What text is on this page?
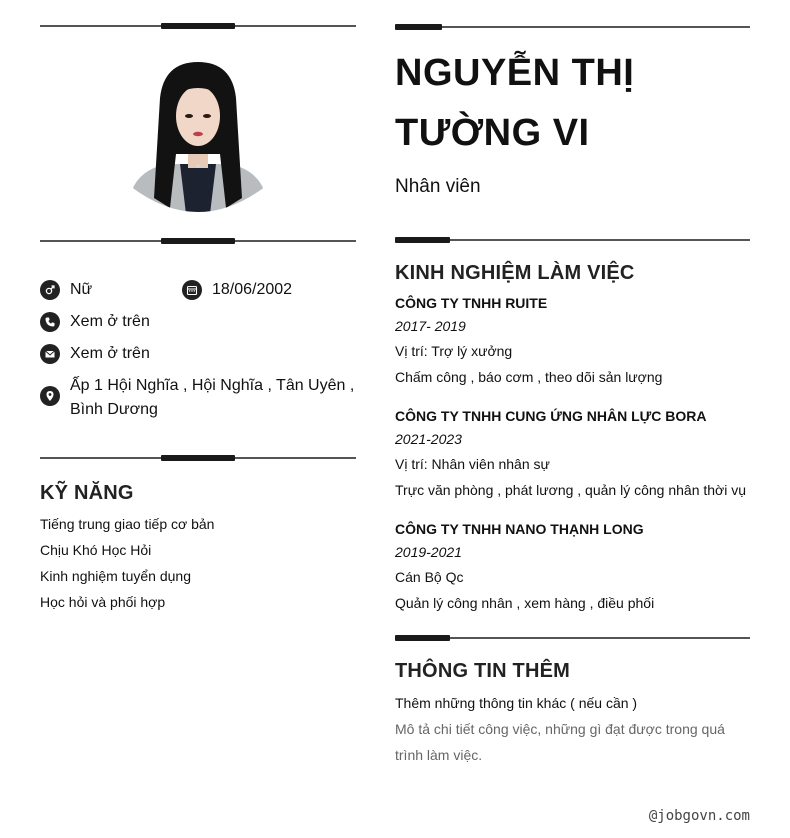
Nữ	18/06/2002
Xem ở trên
Xem ở trên
Ấp 1 Hội Nghĩa , Hội Nghĩa , Tân Uyên ,
Bình Dương
KỸ NĂNG
Tiếng trung giao tiếp cơ bản
Chịu Khó Học Hỏi
Kinh nghiệm tuyển dụng
Học hỏi và phối hợp
NGUYỄN THỊ
TƯỜNG VI
Nhân viên
KINH NGHIỆM LÀM VIỆC
CÔNG TY TNHH RUITE
2017- 2019
Vị trí: Trợ lý xưởng
Chấm công , báo cơm , theo dõi sản lượng
CÔNG TY TNHH CUNG ỨNG NHÂN LỰC BORA
2021-2023
Vị trí: Nhân viên nhân sự
Trực văn phòng , phát lương , quản lý công nhân thời vụ
CÔNG TY TNHH NANO THẠNH LONG
2019-2021
Cán Bộ Qc
Quản lý công nhân , xem hàng , điều phối
THÔNG TIN THÊM
Thêm những thông tin khác ( nếu cần )
Mô tả chi tiết công việc, những gì đạt được trong quá trình làm việc.
@jobgovn.com
